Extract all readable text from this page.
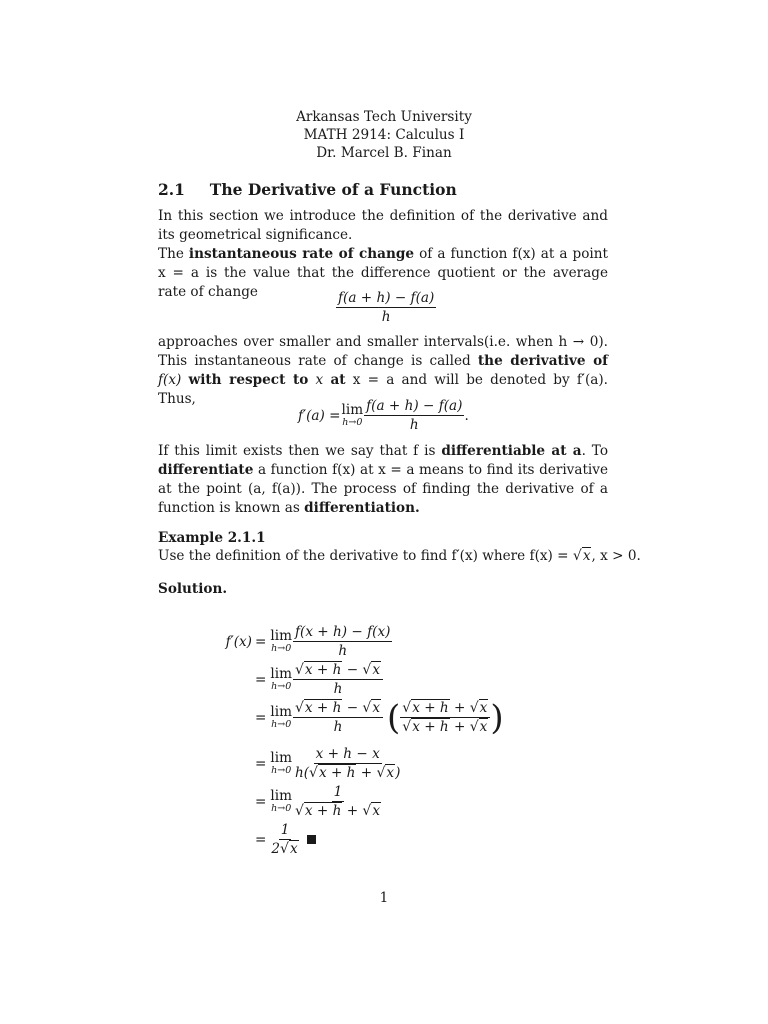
Arkansas Tech University
MATH 2914: Calculus I
Dr. Marcel B. Finan
2.1 The Derivative of a Function

In this section we introduce the definition of the derivative and its geometrical significance.

The instantaneous rate of change of a function f(x) at a point x = a is the value that the difference quotient or the average rate of change	$\frac{f(a + h) - f(a)}{h}$

approaches over smaller and smaller intervals(i.e. when h → 0). This instantaneous rate of change is called the derivative of f(x) with respect to x at x = a and will be denoted by f′(a). Thus,

f′(a) = lim
$h\to 0 \frac{f(a + h) - f(a)}{h}$ .

If this limit exists then we say that f is differentiable at a. To differentiate a function f(x) at x = a means to find its derivative at the point (a, f(a)). The process of finding the derivative of a function is known as differentiation.

Example 2.1.1
Use the definition of the derivative to find f′(x) where f(x) = √x, x > 0.
Solution.
f′(x) = lim
$h\to 0 \frac{f(x + h) - f(x)}{h}$
= lim
$h\to 0 \frac{√x + h - √x}{h}$
= lim
$h\to 0 \frac{√x + h - √x}{h}$ ( $\frac{√x + h + √x}{√x + h + √x}$ )
= lim
$h\to 0 \frac{x + h - x}{h(√x + h + √x)}$
= lim
$h\to 0 \frac{1}{√x + h + √x}$
= $\frac{1}{2√x}$
1
